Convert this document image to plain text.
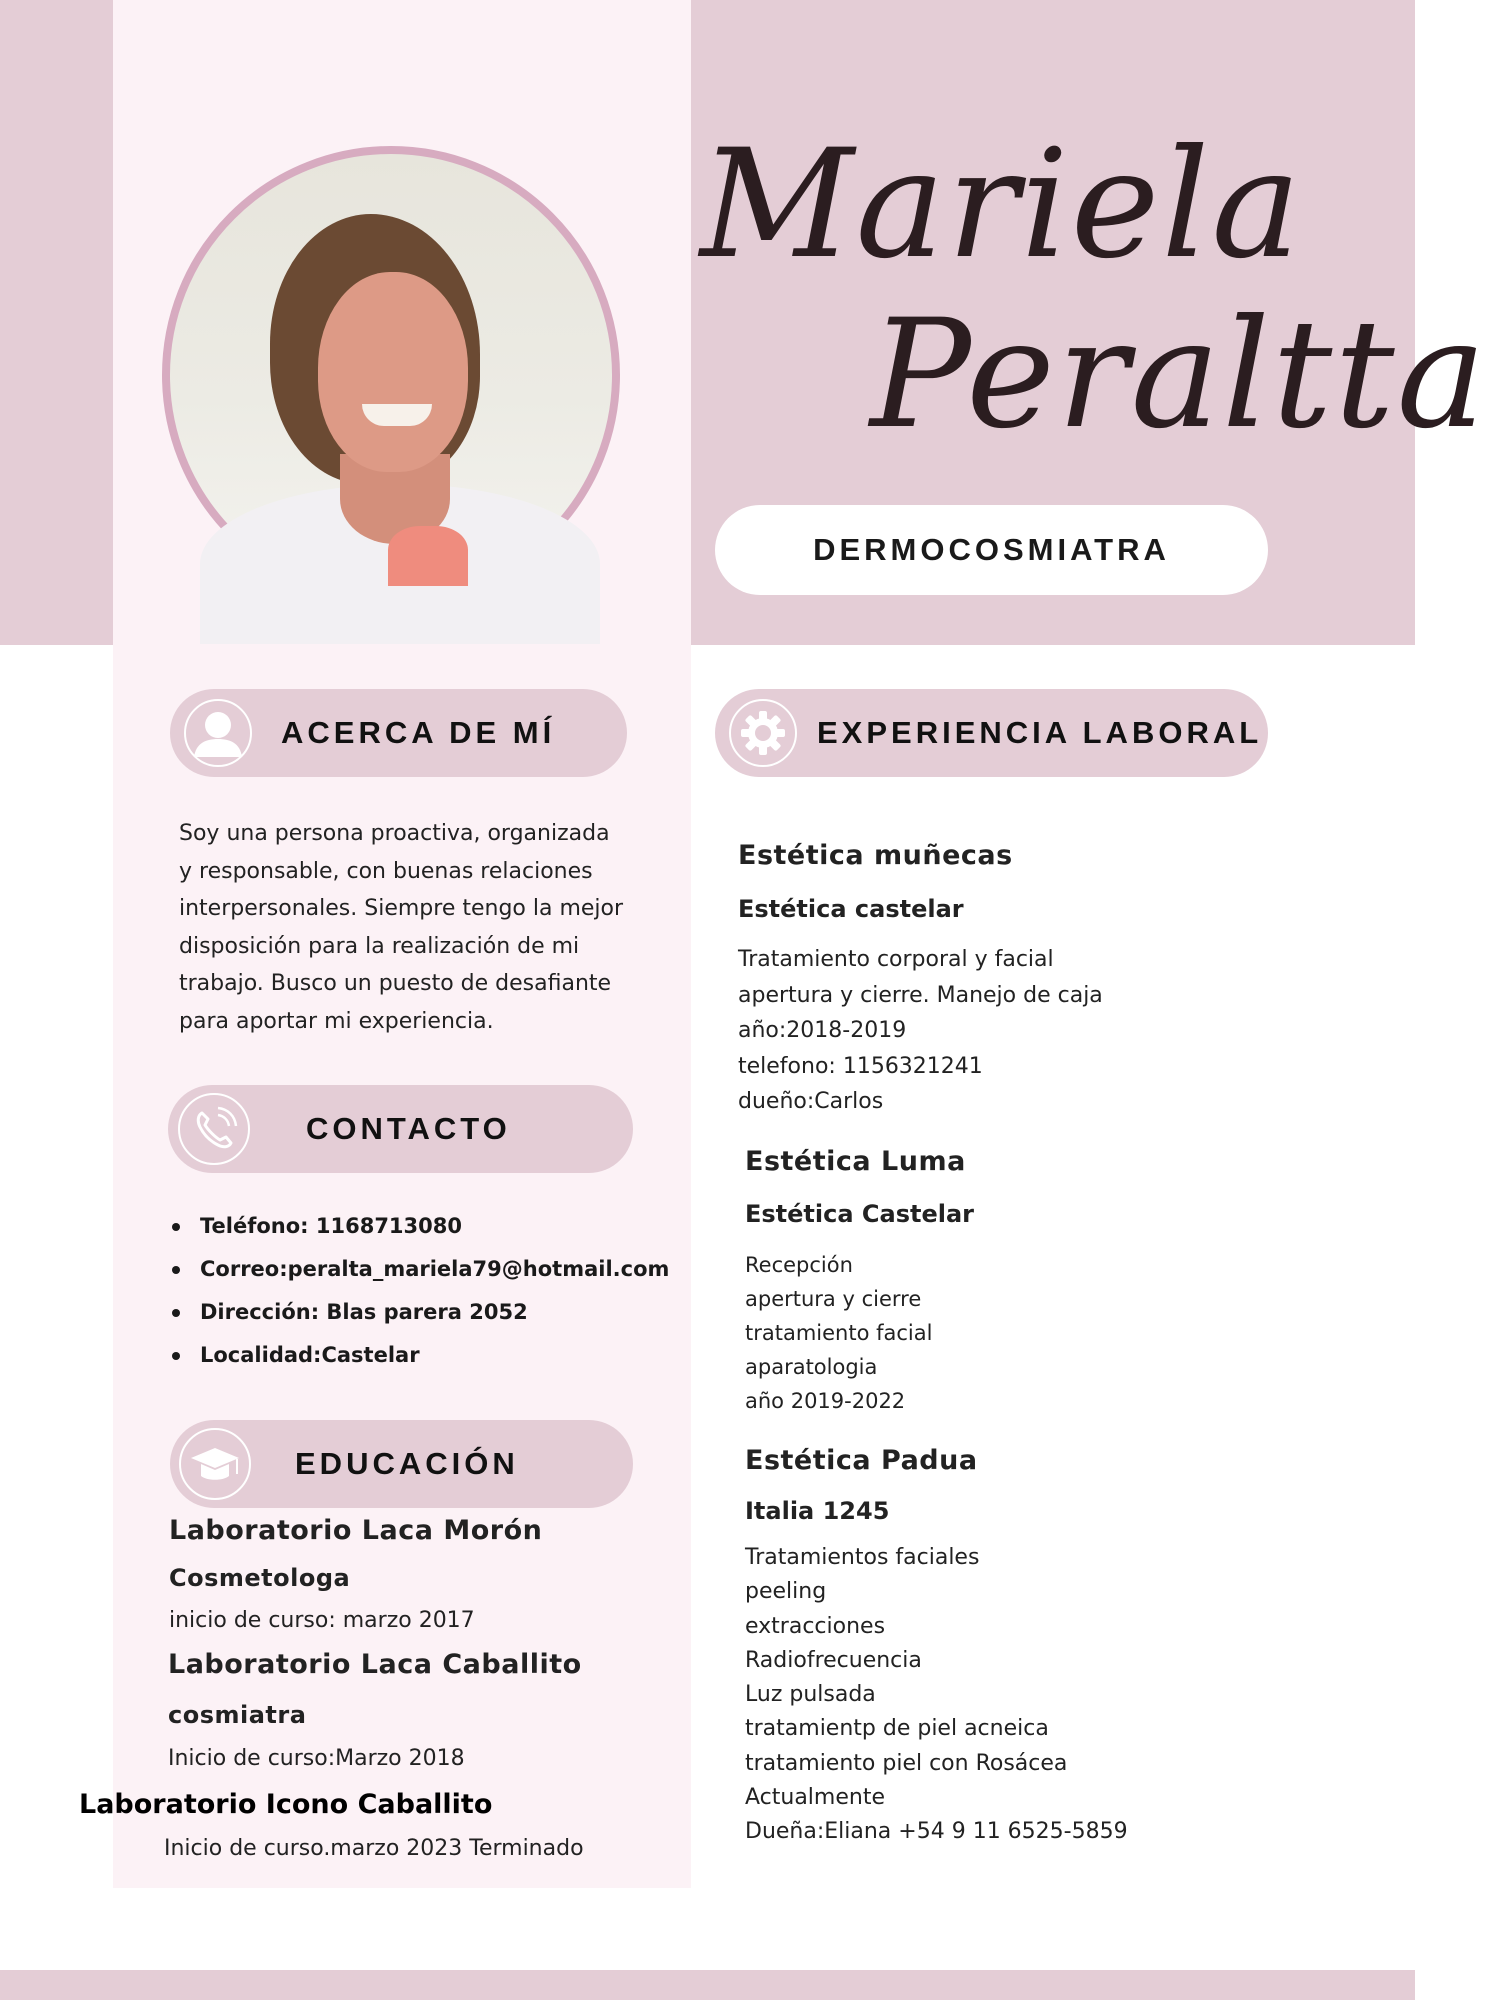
Mariela
Peraltta
DERMOCOSMIATRA
ACERCA DE MÍ
Soy una persona proactiva, organizada
y responsable, con buenas relaciones
interpersonales. Siempre tengo la mejor
disposición para la realización de mi
trabajo. Busco un puesto de desafiante
para aportar mi experiencia.
CONTACTO
Teléfono: 1168713080
Correo:peralta_mariela79@hotmail.com
Dirección: Blas parera 2052
Localidad:Castelar
EDUCACIÓN
Laboratorio Laca Morón
Cosmetologa
inicio de curso: marzo 2017
Laboratorio Laca Caballito
cosmiatra
Inicio de curso:Marzo 2018
Laboratorio Icono Caballito
Inicio de curso.marzo 2023 Terminado
EXPERIENCIA LABORAL
Estética muñecas
Estética castelar
Tratamiento corporal y facial
apertura y cierre. Manejo de caja
año:2018-2019
telefono: 1156321241
dueño:Carlos
Estética Luma
Estética Castelar
Recepción
apertura y cierre
tratamiento facial
aparatologia
año 2019-2022
Estética Padua
Italia 1245
Tratamientos faciales
peeling
extracciones
Radiofrecuencia
Luz pulsada
tratamientp de piel acneica
tratamiento piel con Rosácea
Actualmente
Dueña:Eliana +54 9 11 6525-5859
